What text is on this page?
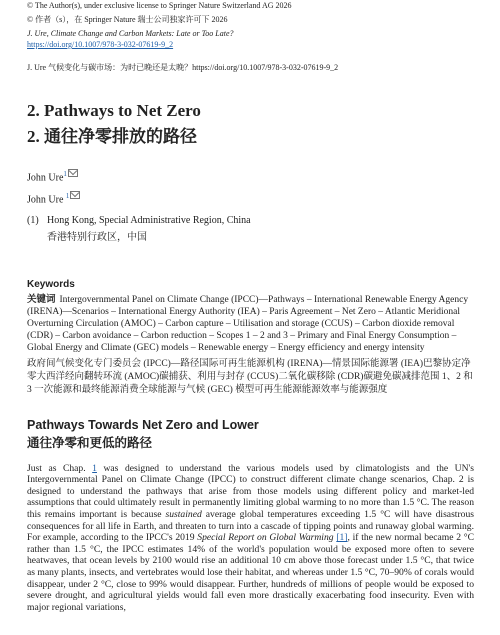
© The Author(s), under exclusive license to Springer Nature Switzerland AG 2026
© 作者（s），在 Springer Nature 瑞士公司独家许可下 2026
J. Ure, Climate Change and Carbon Markets: Late or Too Late?
https://doi.org/10.1007/978-3-032-07619-9_2
J. Ure 气候变化与碳市场：为时已晚还是太晚？https://doi.org/10.1007/978-3-032-07619-9_2
2. Pathways to Net Zero
2. 通往净零排放的路径
John Ure$^1$
John Ure $^1$
(1) Hong Kong, Special Administrative Region, China
香港特别行政区，中国
Keywords
关键词 Intergovernmental Panel on Climate Change (IPCC)—Pathways – International Renewable Energy Agency (IRENA)—Scenarios – International Energy Authority (IEA) – Paris Agreement – Net Zero – Atlantic Meridional Overturning Circulation (AMOC) – Carbon capture – Utilisation and storage (CCUS) – Carbon dioxide removal (CDR) – Carbon avoidance – Carbon reduction – Scopes 1 – 2 and 3 – Primary and Final Energy Consumption – Global Energy and Climate (GEC) models – Renewable energy – Energy efficiency and energy intensity
政府间气候变化专门委员会 (IPCC)—路径国际可再生能源机构 (IRENA)—情景国际能源署 (IEA)巴黎协定净零大西洋经向翻转环流 (AMOC)碳捕获、利用与封存 (CCUS)二氧化碳移除 (CDR)碳避免碳减排范围 1、2 和 3 一次能源和最终能源消费全球能源与气候 (GEC) 模型可再生能源能源效率与能源强度
Pathways Towards Net Zero and Lower
通往净零和更低的路径

Just as Chap. 1 was designed to understand the various models used by climatologists and the UN's Intergovernmental Panel on Climate Change (IPCC) to construct different climate change scenarios, Chap. 2 is designed to understand the pathways that arise from those models using different policy and market-led assumptions that could ultimately result in permanently limiting global warming to no more than 1.5 °C. The reason this remains important is because sustained average global temperatures exceeding 1.5 °C will have disastrous consequences for all life in Earth, and threaten to turn into a cascade of tipping points and runaway global warming. For example, according to the IPCC's 2019 Special Report on Global Warming [1], if the new normal became 2 °C rather than 1.5 °C, the IPCC estimates 14% of the world's population would be exposed more often to severe heatwaves, that ocean levels by 2100 would rise an additional 10 cm above those forecast under 1.5 °C, that twice as many plants, insects, and vertebrates would lose their habitat, and whereas under 1.5 °C, 70–90% of corals would disappear, under 2 °C, close to 99% would disappear. Further, hundreds of millions of people would be exposed to severe drought, and agricultural yields would fall even more drastically exacerbating food insecurity. Even with major regional variations,
